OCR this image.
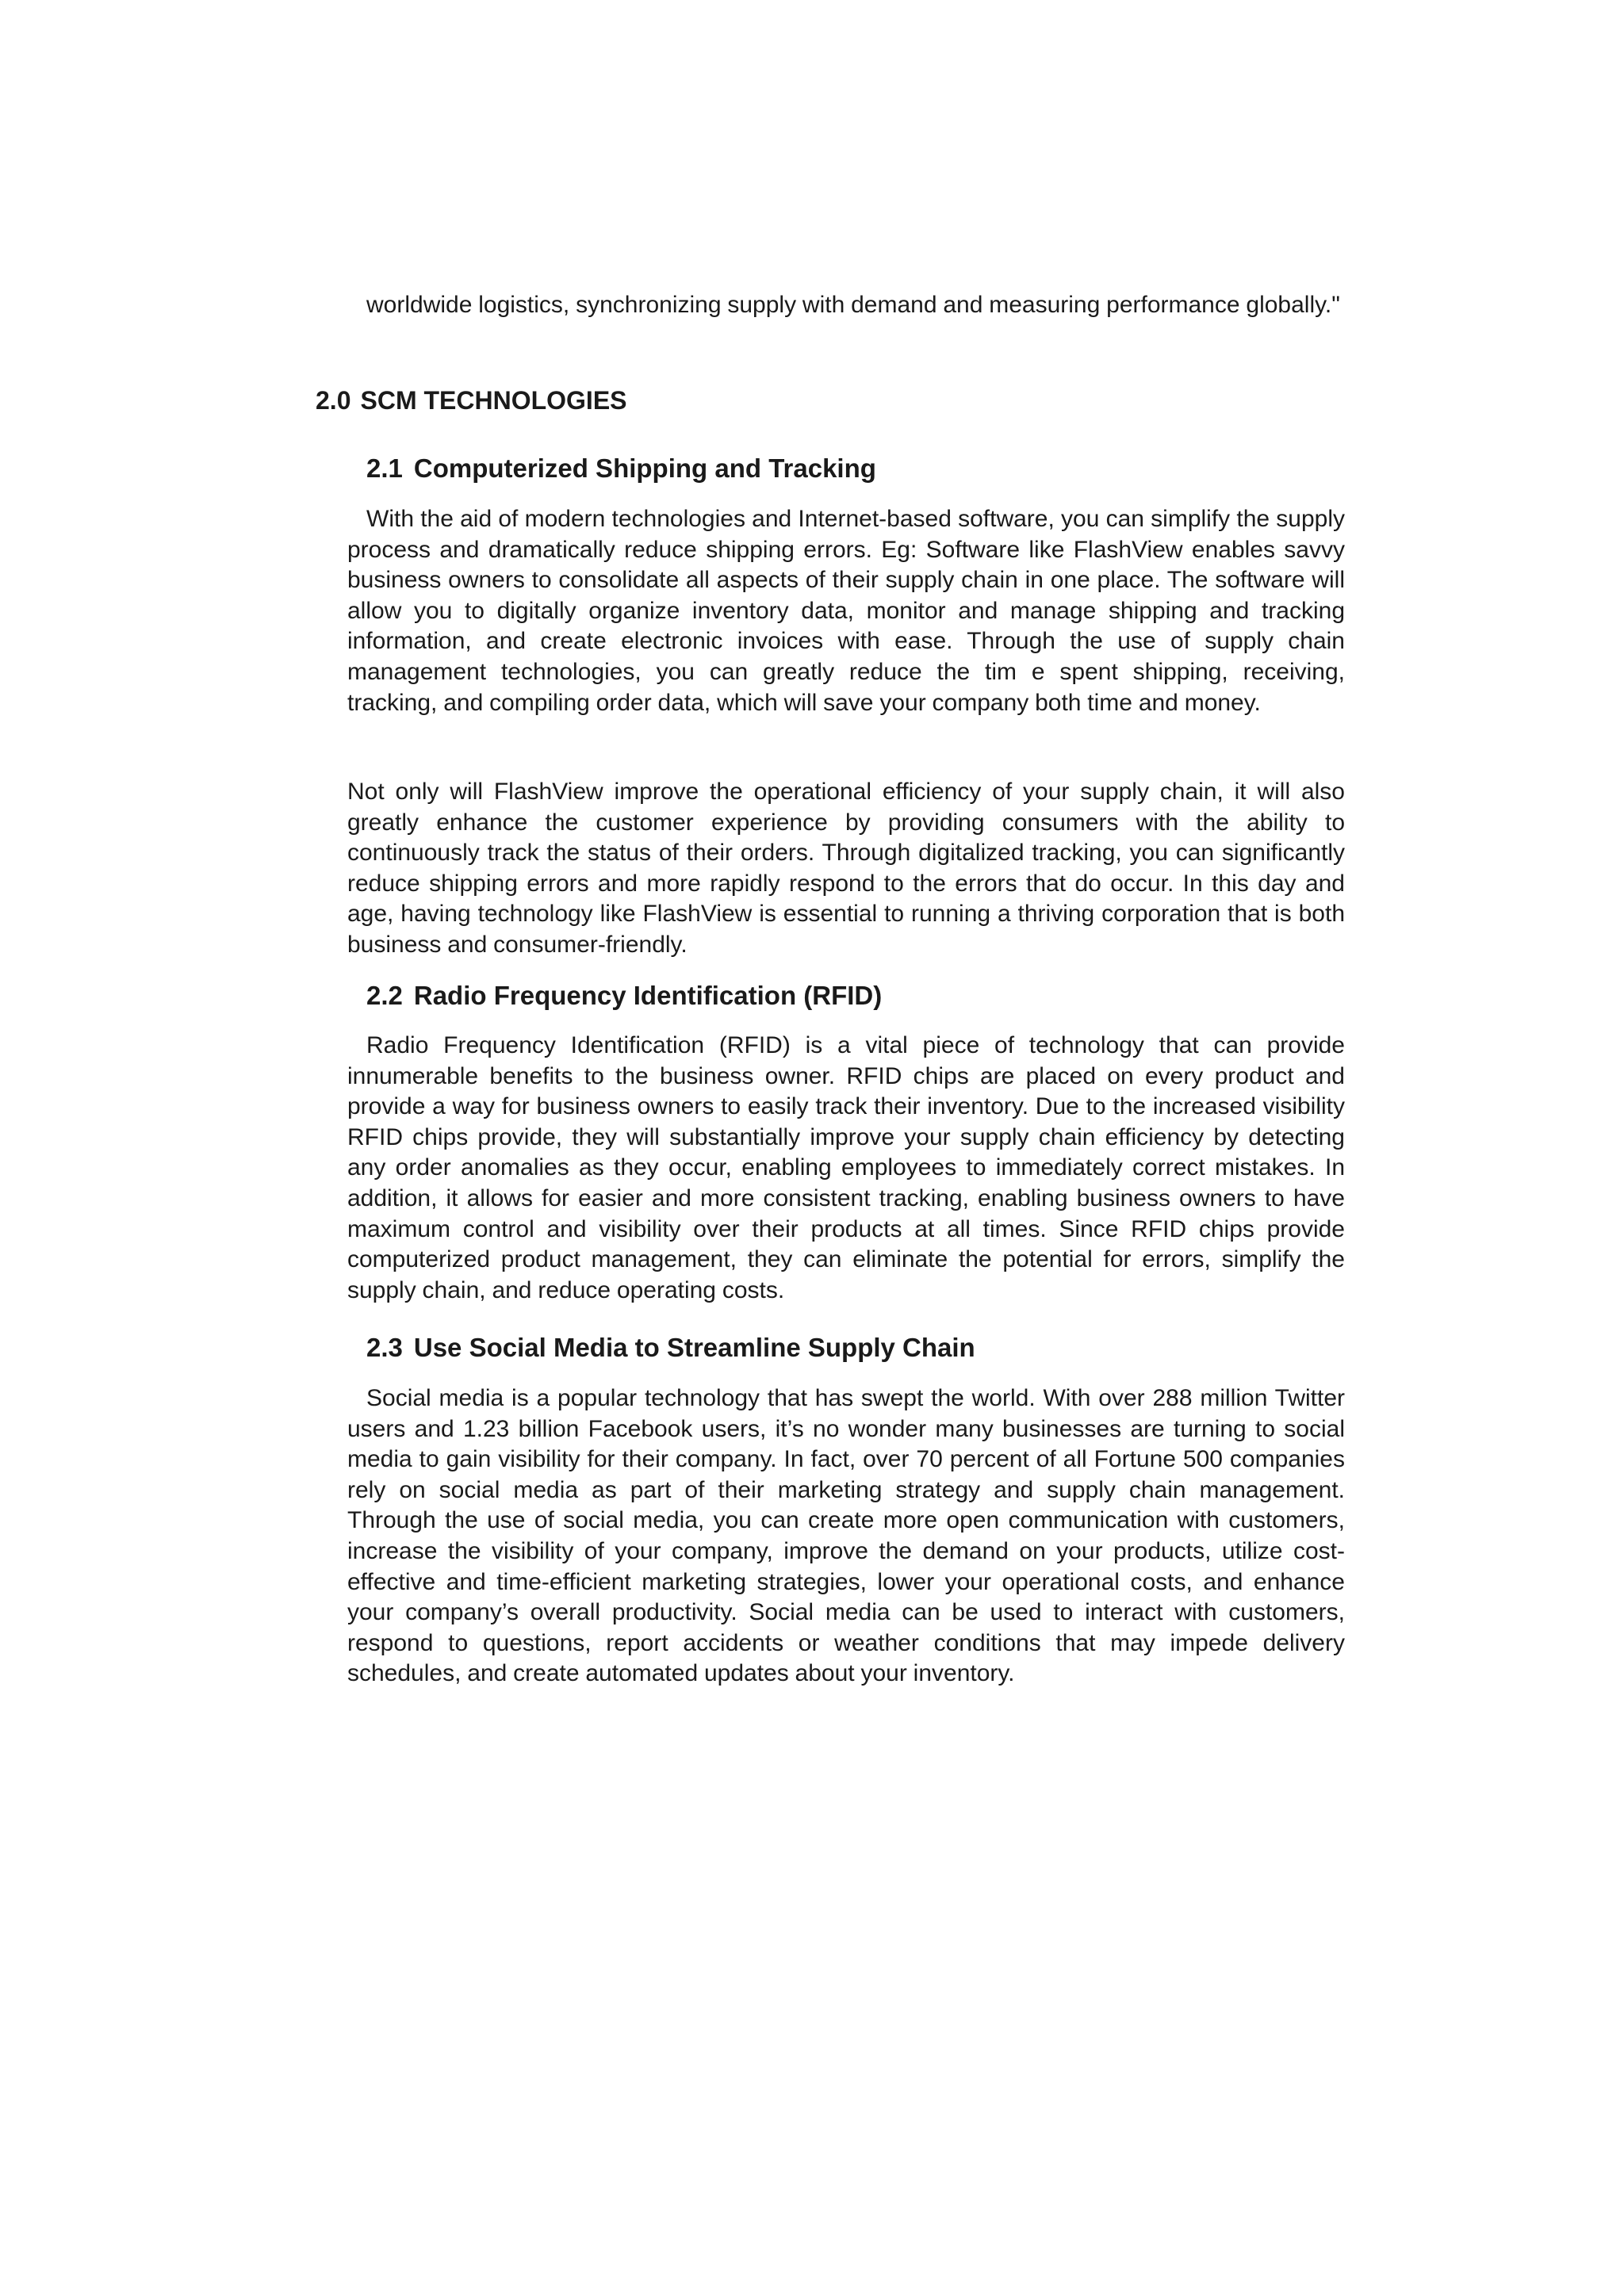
worldwide logistics, synchronizing supply with demand and measuring performance globally."

2.0 SCM TECHNOLOGIES
2.1 Computerized Shipping and Tracking

With the aid of modern technologies and Internet-based software, you can simplify the supply process and dramatically reduce shipping errors. Eg: Software like FlashView enables savvy business owners to consolidate all aspects of their supply chain in one place. The software will allow you to digitally organize inventory data, monitor and manage shipping and tracking information, and create electronic invoices with ease. Through the use of supply chain management technologies, you can greatly reduce the tim e spent shipping, receiving, tracking, and compiling order data, which will save your company both time and money.

Not only will FlashView improve the operational efficiency of your supply chain, it will also greatly enhance the customer experience by providing consumers with the ability to continuously track the status of their orders. Through digitalized tracking, you can significantly reduce shipping errors and more rapidly respond to the errors that do occur. In this day and age, having technology like FlashView is essential to running a thriving corporation that is both business and consumer-friendly.

2.2 Radio Frequency Identification (RFID)

Radio Frequency Identification (RFID) is a vital piece of technology that can provide innumerable benefits to the business owner. RFID chips are placed on every product and provide a way for business owners to easily track their inventory. Due to the increased visibility RFID chips provide, they will substantially improve your supply chain efficiency by detecting any order anomalies as they occur, enabling employees to immediately correct mistakes. In addition, it allows for easier and more consistent tracking, enabling business owners to have maximum control and visibility over their products at all times. Since RFID chips provide computerized product management, they can eliminate the potential for errors, simplify the supply chain, and reduce operating costs.

2.3 Use Social Media to Streamline Supply Chain

Social media is a popular technology that has swept the world. With over 288 million Twitter users and 1.23 billion Facebook users, it’s no wonder many businesses are turning to social media to gain visibility for their company. In fact, over 70 percent of all Fortune 500 companies rely on social media as part of their marketing strategy and supply chain management. Through the use of social media, you can create more open communication with customers, increase the visibility of your company, improve the demand on your products, utilize cost-effective and time-efficient marketing strategies, lower your operational costs, and enhance your company’s overall productivity. Social media can be used to interact with customers, respond to questions, report accidents or weather conditions that may impede delivery schedules, and create automated updates about your inventory.
